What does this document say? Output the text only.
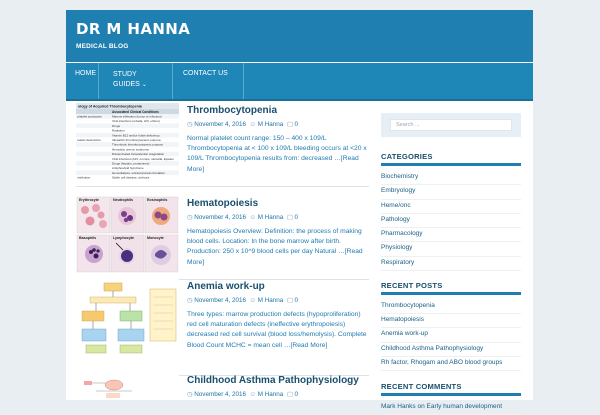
DR M HANNA
MEDICAL BLOG
HOME	STUDY
GUIDES ⌄
CONTACT US
ology of Acquired Thrombocytopenia
Associated Clinical Conditions
platelet production	Marrow infiltration (tumor or infection)
Viral infections (rubella, HIV, others)
Drugs
Radiation
Vitamin B12 and/or folate deficiency
latelet destruction	Idiopathic thrombocytopenic purpura
Thrombotic thrombocytopenic purpura
Hemolytic uremic syndrome
Disseminated intravascular coagulation
Viral infections (HIV, mumps, varicella, Epstein
Drugs (heparin, protamines)
Antiphos/ipid Syndrome
Hemodialysis, extracorporeal circulation
istribution	Sickle cell disease, cirrhosis
Thrombocytopenia
◷ November 4, 2016 ☺ M Hanna ▢ 0
Normal platelet count range: 150 – 400 x 109/L Thrombocytopenia at < 100 x 109/L bleeding occurs at <20 x 109/L Thrombocytopenia results from: decreased …[Read More]
Erythrocyte	Neutrophils	Eosinophils
Basophils	Lymphocyte	Monocyte
Hematopoiesis
◷ November 4, 2016 ☺ M Hanna ▢ 0
Hematopoiesis Overview: Definition: the process of making blood cells. Location: In the bone marrow after birth. Production: 250 x 10^9 blood cells per day Natural …[Read More]
Anemia work-up
◷ November 4, 2016 ☺ M Hanna ▢ 0
Three types: marrow production defects (hypoproliferation) red cell maturation defects (ineffective erythropoiesis) decreased red cell survival (blood loss/hemolysis). Complete Blood Count MCHC = mean cell …[Read More]
Childhood Asthma Pathophysiology
◷ November 4, 2016 ☺ M Hanna ▢ 0
Search ...
CATEGORIES
Biochemistry
Embryology
Heme/onc
Pathology
Pharmacology
Physiology
Respiratory
RECENT POSTS
Thrombocytopenia
Hematopoiesis
Anemia work-up
Childhood Asthma Pathophysiology
Rh factor, Rhogam and ABO blood groups
RECENT COMMENTS
Mark Hanks on Early human development
